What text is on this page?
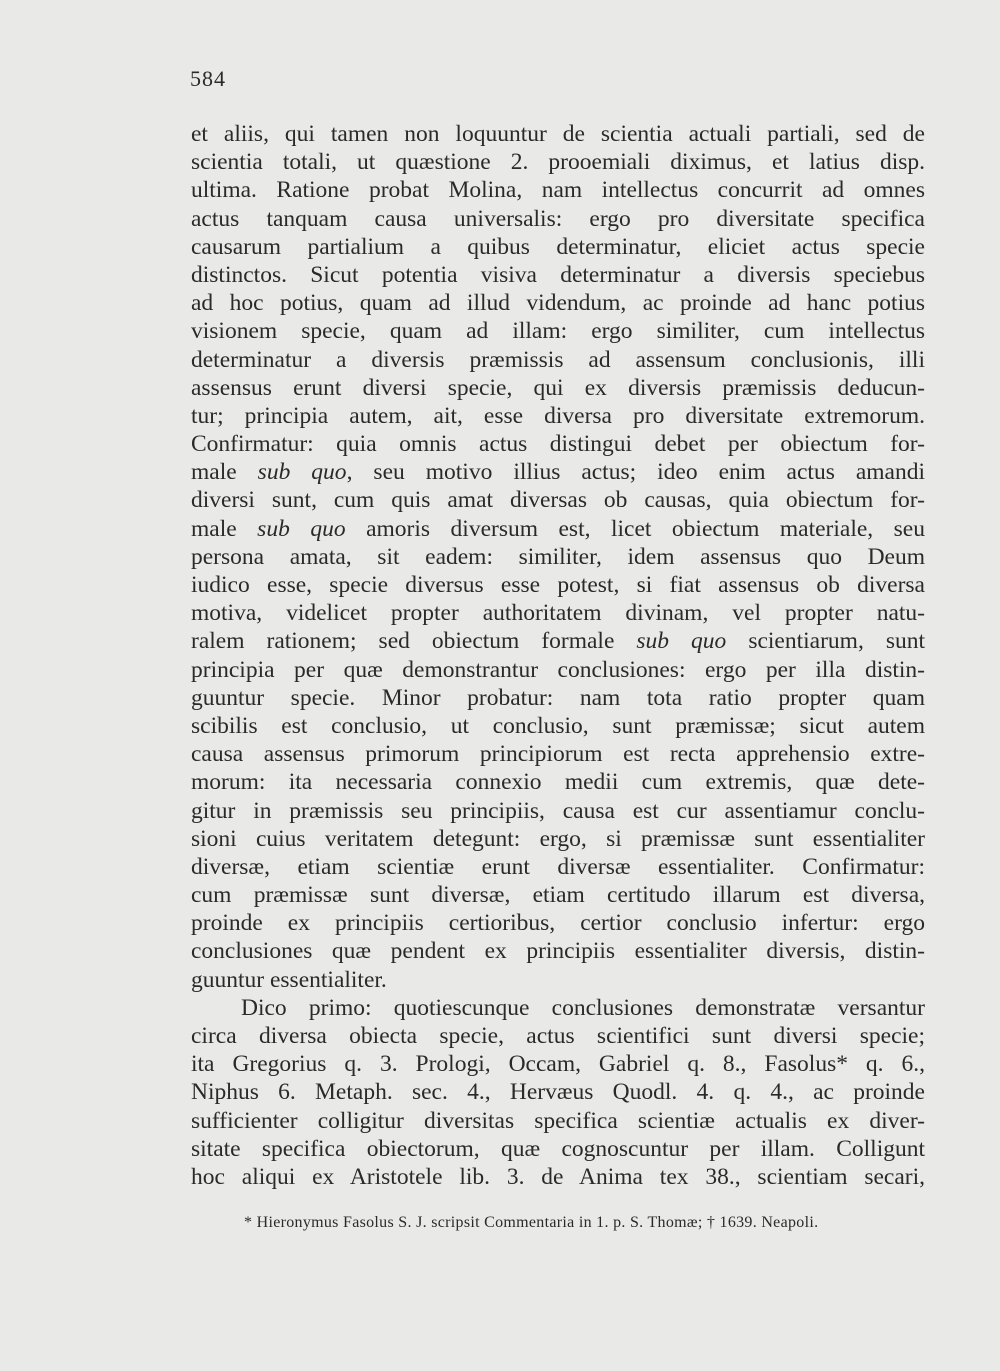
584
et aliis, qui tamen non loquuntur de scientia actuali partiali, sed de
scientia totali, ut quæstione 2. prooemiali diximus, et latius disp.
ultima. Ratione probat Molina, nam intellectus concurrit ad omnes
actus tanquam causa universalis: ergo pro diversitate specifica
causarum partialium a quibus determinatur, eliciet actus specie
distinctos. Sicut potentia visiva determinatur a diversis speciebus
ad hoc potius, quam ad illud videndum, ac proinde ad hanc potius
visionem specie, quam ad illam: ergo similiter, cum intellectus
determinatur a diversis præmissis ad assensum conclusionis, illi
assensus erunt diversi specie, qui ex diversis præmissis deducun-
tur; principia autem, ait, esse diversa pro diversitate extremorum.
Confirmatur: quia omnis actus distingui debet per obiectum for-
male sub quo, seu motivo illius actus; ideo enim actus amandi
diversi sunt, cum quis amat diversas ob causas, quia obiectum for-
male sub quo amoris diversum est, licet obiectum materiale, seu
persona amata, sit eadem: similiter, idem assensus quo Deum
iudico esse, specie diversus esse potest, si fiat assensus ob diversa
motiva, videlicet propter authoritatem divinam, vel propter natu-
ralem rationem; sed obiectum formale sub quo scientiarum, sunt
principia per quæ demonstrantur conclusiones: ergo per illa distin-
guuntur specie. Minor probatur: nam tota ratio propter quam
scibilis est conclusio, ut conclusio, sunt præmissæ; sicut autem
causa assensus primorum principiorum est recta apprehensio extre-
morum: ita necessaria connexio medii cum extremis, quæ dete-
gitur in præmissis seu principiis, causa est cur assentiamur conclu-
sioni cuius veritatem detegunt: ergo, si præmissæ sunt essentialiter
diversæ, etiam scientiæ erunt diversæ essentialiter. Confirmatur:
cum præmissæ sunt diversæ, etiam certitudo illarum est diversa,
proinde ex principiis certioribus, certior conclusio infertur: ergo
conclusiones quæ pendent ex principiis essentialiter diversis, distin-
guuntur essentialiter.
Dico primo: quotiescunque conclusiones demonstratæ versantur
circa diversa obiecta specie, actus scientifici sunt diversi specie;
ita Gregorius q. 3. Prologi, Occam, Gabriel q. 8., Fasolus* q. 6.,
Niphus 6. Metaph. sec. 4., Hervæus Quodl. 4. q. 4., ac proinde
sufficienter colligitur diversitas specifica scientiæ actualis ex diver-
sitate specifica obiectorum, quæ cognoscuntur per illam. Colligunt
hoc aliqui ex Aristotele lib. 3. de Anima tex 38., scientiam secari,
* Hieronymus Fasolus S. J. scripsit Commentaria in 1. p. S. Thomæ; † 1639. Neapoli.
